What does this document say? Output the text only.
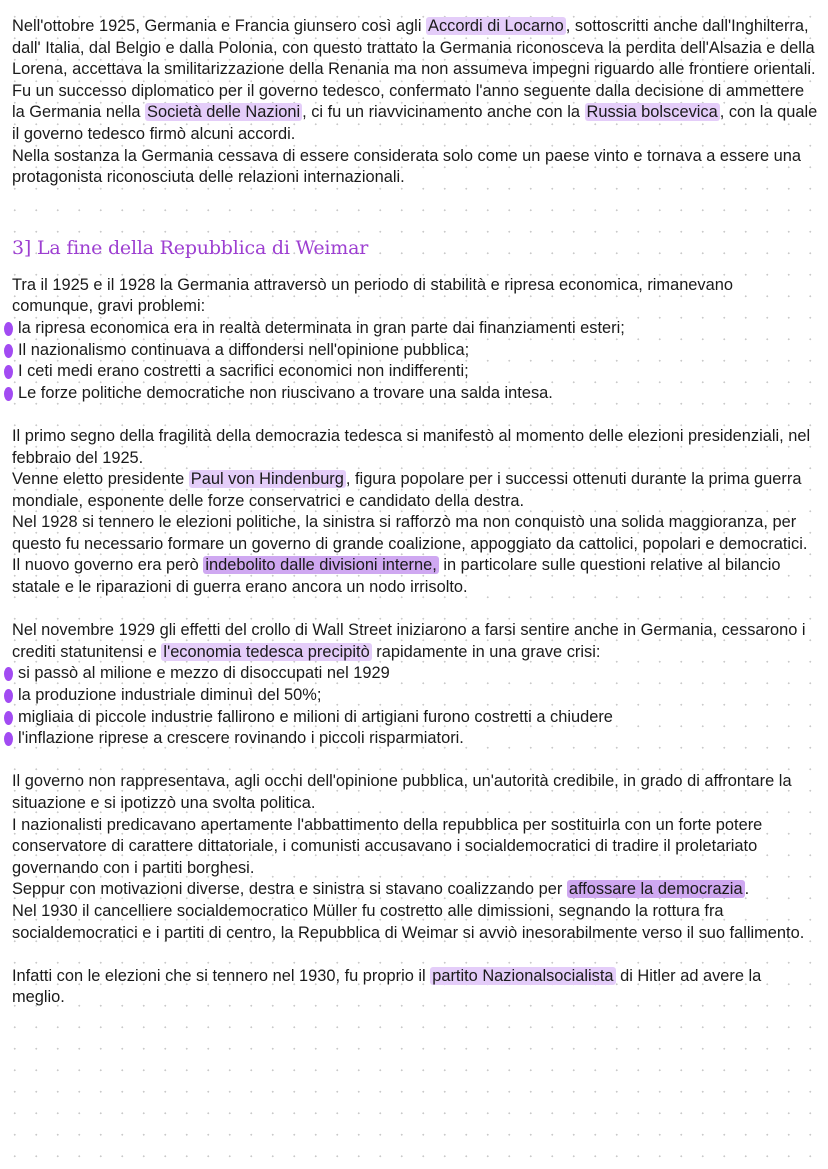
Nell'ottobre 1925, Germania e Francia giunsero così agli Accordi di Locarno , sottoscritti anche dall'Inghilterra, dall' Italia, dal Belgio e dalla Polonia, con questo trattato la Germania riconosceva la perdita dell'Alsazia e della Lorena, accettava la smilitarizzazione della Renania ma non assumeva impegni riguardo alle frontiere orientali.

Fu un successo diplomatico per il governo tedesco, confermato l'anno seguente dalla decisione di ammettere la Germania nella Società delle Nazioni , ci fu un riavvicinamento anche con la Russia bolscevica , con la quale il governo tedesco firmò alcuni accordi.

Nella sostanza la Germania cessava di essere considerata solo come un paese vinto e tornava a essere una protagonista riconosciuta delle relazioni internazionali.

3] La fine della Repubblica di Weimar

Tra il 1925 e il 1928 la Germania attraversò un periodo di stabilità e ripresa economica, rimanevano comunque, gravi problemi:

la ripresa economica era in realtà determinata in gran parte dai finanziamenti esteri;
Il nazionalismo continuava a diffondersi nell'opinione pubblica;
I ceti medi erano costretti a sacrifici economici non indifferenti;
Le forze politiche democratiche non riuscivano a trovare una salda intesa.

Il primo segno della fragilità della democrazia tedesca si manifestò al momento delle elezioni presidenziali, nel febbraio del 1925.

Venne eletto presidente Paul von Hindenburg , figura popolare per i successi ottenuti durante la prima guerra mondiale, esponente delle forze conservatrici e candidato della destra.

Nel 1928 si tennero le elezioni politiche, la sinistra si rafforzò ma non conquistò una solida maggioranza, per questo fu necessario formare un governo di grande coalizione, appoggiato da cattolici, popolari e democratici.

Il nuovo governo era però indebolito dalle divisioni interne, in particolare sulle questioni relative al bilancio statale e le riparazioni di guerra erano ancora un nodo irrisolto.

Nel novembre 1929 gli effetti del crollo di Wall Street iniziarono a farsi sentire anche in Germania, cessarono i crediti statunitensi e l'economia tedesca precipitò rapidamente in una grave crisi:

si passò al milione e mezzo di disoccupati nel 1929
la produzione industriale diminuì del 50%;
migliaia di piccole industrie fallirono e milioni di artigiani furono costretti a chiudere
l'inflazione riprese a crescere rovinando i piccoli risparmiatori.

Il governo non rappresentava, agli occhi dell'opinione pubblica, un'autorità credibile, in grado di affrontare la situazione e si ipotizzò una svolta politica.

I nazionalisti predicavano apertamente l'abbattimento della repubblica per sostituirla con un forte potere conservatore di carattere dittatoriale, i comunisti accusavano i socialdemocratici di tradire il proletariato governando con i partiti borghesi.

Seppur con motivazioni diverse, destra e sinistra si stavano coalizzando per affossare la democrazia .

Nel 1930 il cancelliere socialdemocratico Müller fu costretto alle dimissioni, segnando la rottura fra socialdemocratici e i partiti di centro, la Repubblica di Weimar si avviò inesorabilmente verso il suo fallimento.

Infatti con le elezioni che si tennero nel 1930, fu proprio il partito Nazionalsocialista di Hitler ad avere la meglio.
